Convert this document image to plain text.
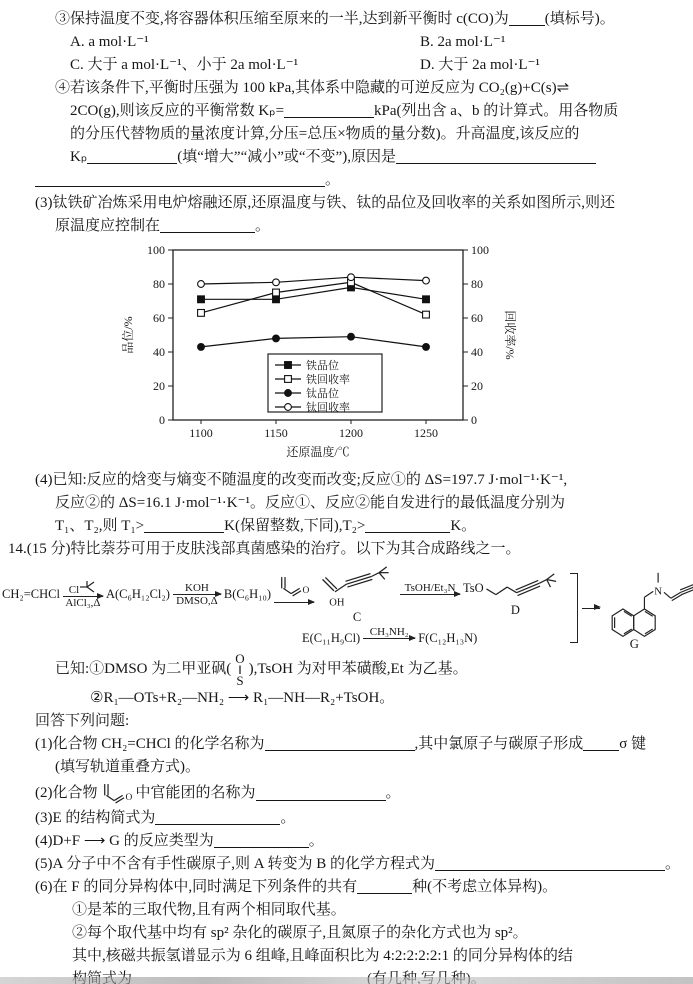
③保持温度不变,将容器体积压缩至原来的一半,达到新平衡时 c(CO)为 (填标号)。

A. a mol·L⁻¹	B. 2a mol·L⁻¹

C. 大于 a mol·L⁻¹、小于 2a mol·L⁻¹	D. 大于 2a mol·L⁻¹

④若该条件下,平衡时压强为 100 kPa,其体系中隐藏的可逆反应为 CO₂(g)+C(s)⇌

2CO(g),则该反应的平衡常数 Kₚ=	kPa(列出含 a、b 的计算式。用各物质

的分压代替物质的量浓度计算,分压=总压×物质的量分数)。升高温度,该反应的

Kₚ	(填“增大”“减小”或“不变”),原因是

。

(3)钛铁矿冶炼采用电炉熔融还原,还原温度与铁、钛的品位及回收率的关系如图所示,则还

原温度应控制在	。

0	0
20	20
40	40
60	60
80	80
100	100
1100	1150	1200	1250
铁品位
铁回收率
钛品位
钛回收率
品位/%	回收率/%
还原温度/℃

(4)已知:反应的焓变与熵变不随温度的改变而改变;反应①的 ΔS=197.7 J·mol⁻¹·K⁻¹,

反应②的 ΔS=16.1 J·mol⁻¹·K⁻¹。反应①、反应②能自发进行的最低温度分别为

T₁、T₂,则 T₁>	K(保留整数,下同),T₂>	K。

14.(15 分)特比萘芬可用于皮肤浅部真菌感染的治疗。以下为其合成路线之一。

CH₂=CHCl Cl
AlCl₃,Δ
A(C₆H₁₂Cl₂) KOH
DMSO,Δ B(C₆H₁₀)	O

OH
C
TsOH/Et₃N
TsO
D
E(C₁₁H₉Cl) CH₃NH₂
F(C₁₂H₁₃N)
N
G
已知:①DMSO 为二甲亚砜(
O
‖
S
),TsOH 为对甲苯磺酸,Et 为乙基。

②R₁—OTs+R₂—NH₂ ⟶ R₁—NH—R₂+TsOH。

回答下列问题:

(1)化合物 CH₂=CHCl 的化学名称为	,其中氯原子与碳原子形成 σ 键

(填写轨道重叠方式)。

(2)化合物	O 中官能团的名称为	。

(3)E 的结构简式为	。

(4)D+F ⟶ G 的反应类型为	。

(5)A 分子中不含有手性碳原子,则 A 转变为 B 的化学方程式为	。

(6)在 F 的同分异构体中,同时满足下列条件的共有	种(不考虑立体异构)。

①是苯的三取代物,且有两个相同取代基。

②每个取代基中均有 sp² 杂化的碳原子,且氮原子的杂化方式也为 sp²。

其中,核磁共振氢谱显示为 6 组峰,且峰面积比为 4:2:2:2:2:1 的同分异构体的结
